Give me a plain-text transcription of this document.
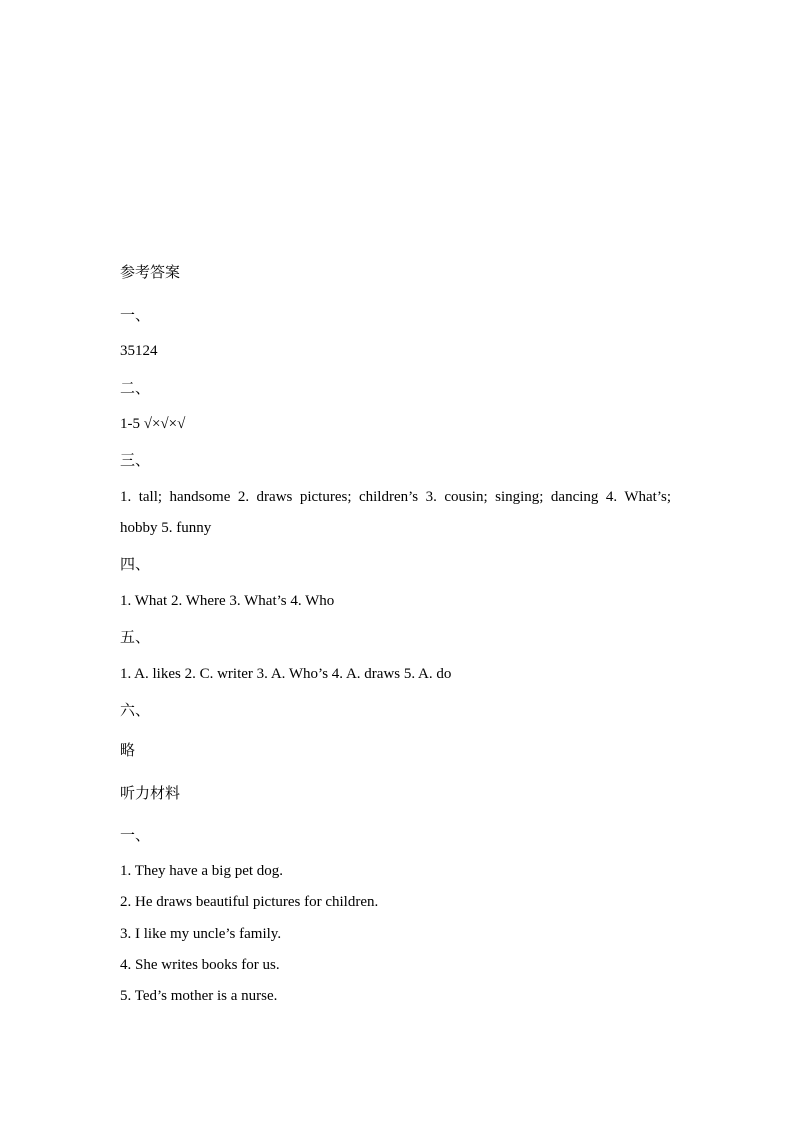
参考答案
一、
35124
二、
1-5 √×√×√
三、
1. tall; handsome 2. draws pictures; children’s 3. cousin; singing; dancing 4. What’s;
hobby 5. funny
四、
1. What 2. Where 3. What’s 4. Who
五、
1. A. likes 2. C. writer 3. A. Who’s 4. A. draws 5. A. do
六、
略
听力材料
一、
1. They have a big pet dog.
2. He draws beautiful pictures for children.
3. I like my uncle’s family.
4. She writes books for us.
5. Ted’s mother is a nurse.
